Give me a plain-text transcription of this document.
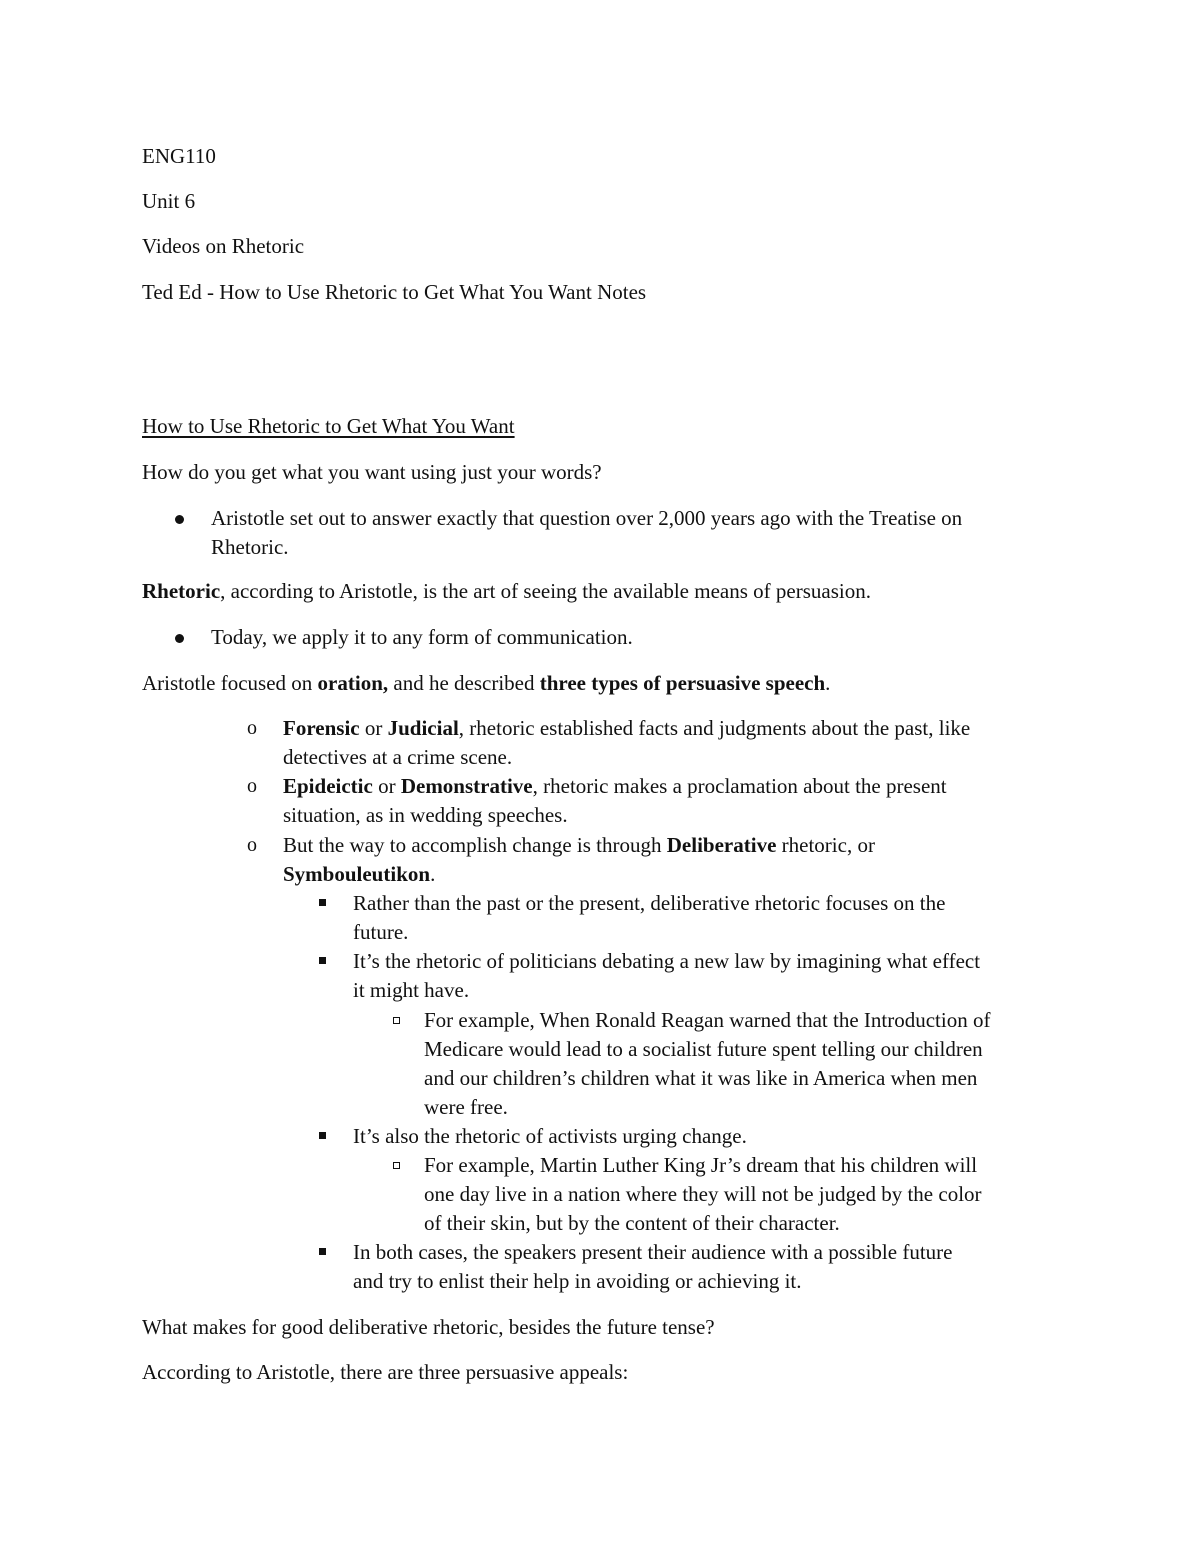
ENG110
Unit 6
Videos on Rhetoric
Ted Ed - How to Use Rhetoric to Get What You Want Notes
How to Use Rhetoric to Get What You Want
How do you get what you want using just your words?
Aristotle set out to answer exactly that question over 2,000 years ago with the Treatise on
Rhetoric.
Rhetoric, according to Aristotle, is the art of seeing the available means of persuasion.
Today, we apply it to any form of communication.
Aristotle focused on oration, and he described three types of persuasive speech.
o Forensic or Judicial, rhetoric established facts and judgments about the past, like
detectives at a crime scene.
o Epideictic or Demonstrative, rhetoric makes a proclamation about the present
situation, as in wedding speeches.
o But the way to accomplish change is through Deliberative rhetoric, or
Symbouleutikon.
Rather than the past or the present, deliberative rhetoric focuses on the
future.
It’s the rhetoric of politicians debating a new law by imagining what effect
it might have.
For example, When Ronald Reagan warned that the Introduction of
Medicare would lead to a socialist future spent telling our children
and our children’s children what it was like in America when men
were free.
It’s also the rhetoric of activists urging change.
For example, Martin Luther King Jr’s dream that his children will
one day live in a nation where they will not be judged by the color
of their skin, but by the content of their character.
In both cases, the speakers present their audience with a possible future
and try to enlist their help in avoiding or achieving it.
What makes for good deliberative rhetoric, besides the future tense?
According to Aristotle, there are three persuasive appeals:
